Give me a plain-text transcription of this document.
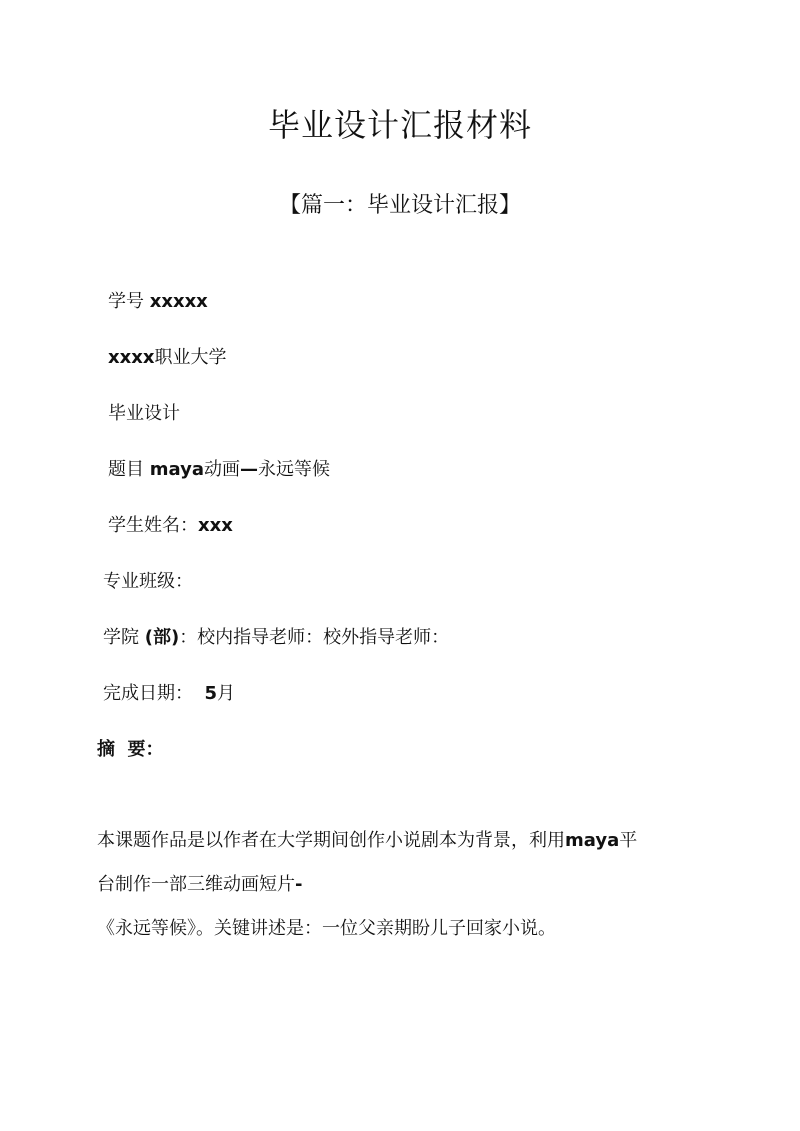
毕业设计汇报材料
【篇一：毕业设计汇报】
学号 xxxxx
xxxx职业大学
毕业设计
题目 maya动画—永远等候
学生姓名：xxx
专业班级：
学院 (部)：校内指导老师：校外指导老师：
完成日期：  5月
摘  要：
本课题作品是以作者在大学期间创作小说剧本为背景，利用maya平
台制作一部三维动画短片-
《永远等候》。关键讲述是：一位父亲期盼儿子回家小说。
